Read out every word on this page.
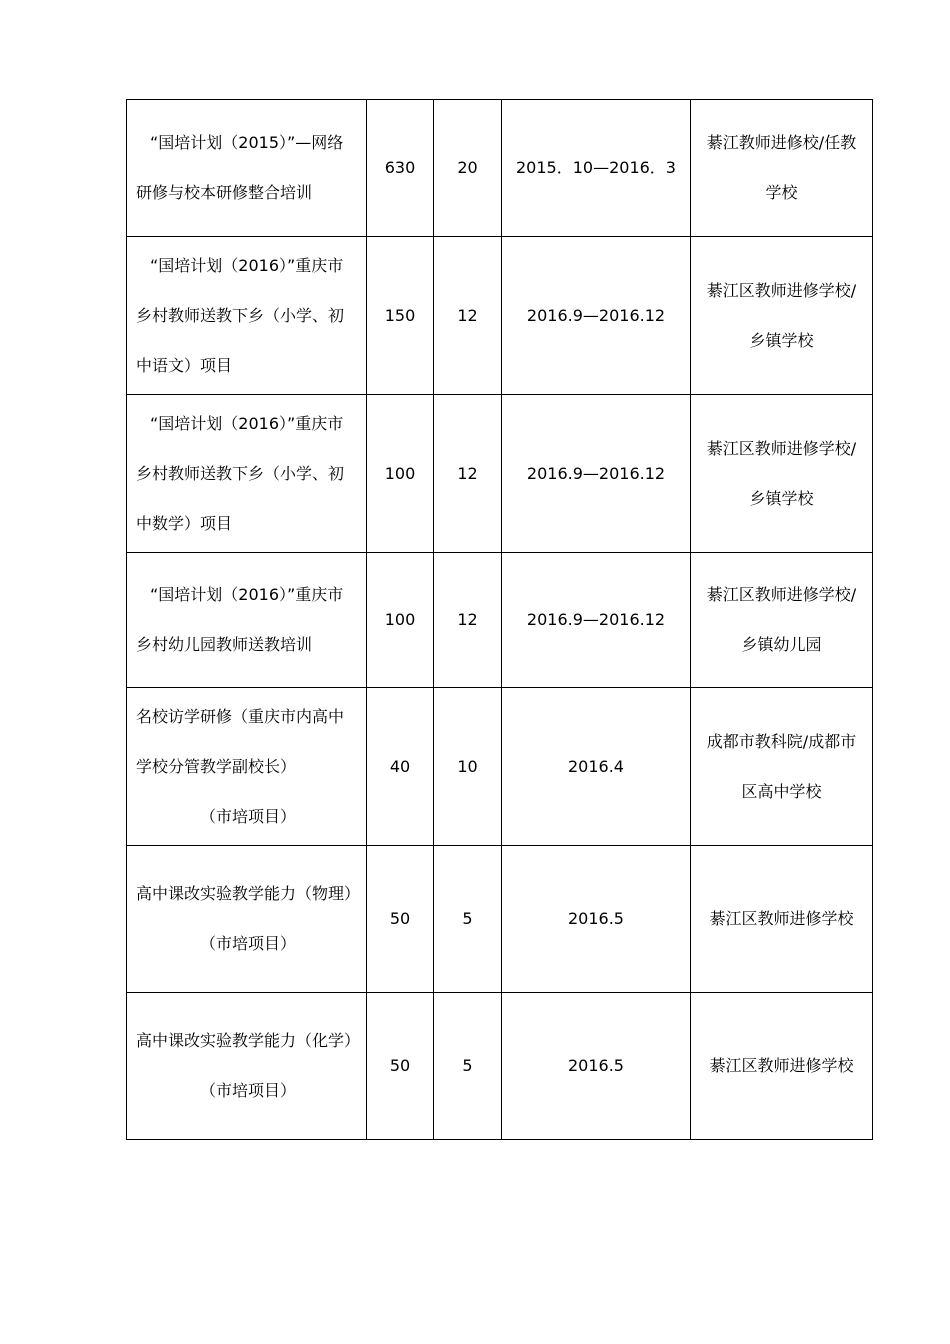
“国培计划（2015）”—网络
研修与校本研修整合培训	630	20	2015．10—2016．3	綦江教师进修校/任教
学校

“国培计划（2016）”重庆市
乡村教师送教下乡（小学、初
中语文）项目	150	12	2016.9—2016.12	綦江区教师进修学校/
乡镇学校

“国培计划（2016）”重庆市
乡村教师送教下乡（小学、初
中数学）项目	100	12	2016.9—2016.12	綦江区教师进修学校/
乡镇学校

“国培计划（2016）”重庆市
乡村幼儿园教师送教培训	100	12	2016.9—2016.12	綦江区教师进修学校/
乡镇幼儿园

名校访学研修（重庆市内高中
学校分管教学副校长）
（市培项目）	40	10	2016.4	成都市教科院/成都市
区高中学校

高中课改实验教学能力（物理）
（市培项目）	50	5	2016.5	綦江区教师进修学校

高中课改实验教学能力（化学）
（市培项目）	50	5	2016.5	綦江区教师进修学校
